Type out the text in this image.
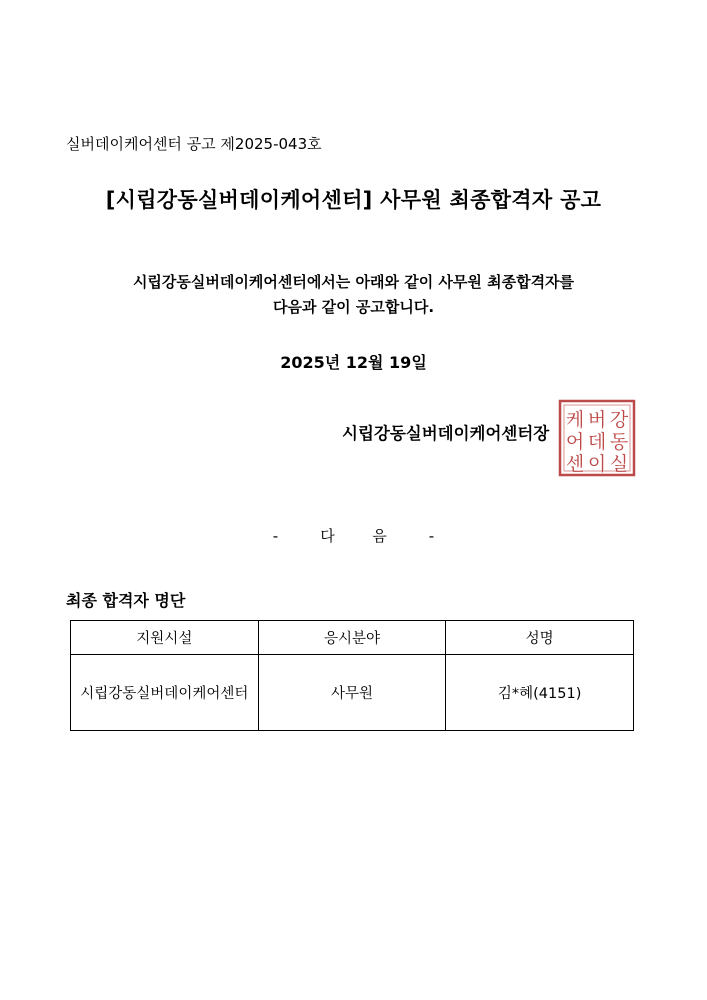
실버데이케어센터 공고 제2025-043호
[시립강동실버데이케어센터] 사무원 최종합격자 공고
시립강동실버데이케어센터에서는 아래와 같이 사무원 최종합격자를
다음과 같이 공고합니다.
2025년 12월 19일
시립강동실버데이케어센터장
강
동
실
버
데
이
케
어
센
-	다	음	-
최종 합격자 명단
지원시설	응시분야	성명
시립강동실버데이케어센터	사무원	김*혜(4151)
